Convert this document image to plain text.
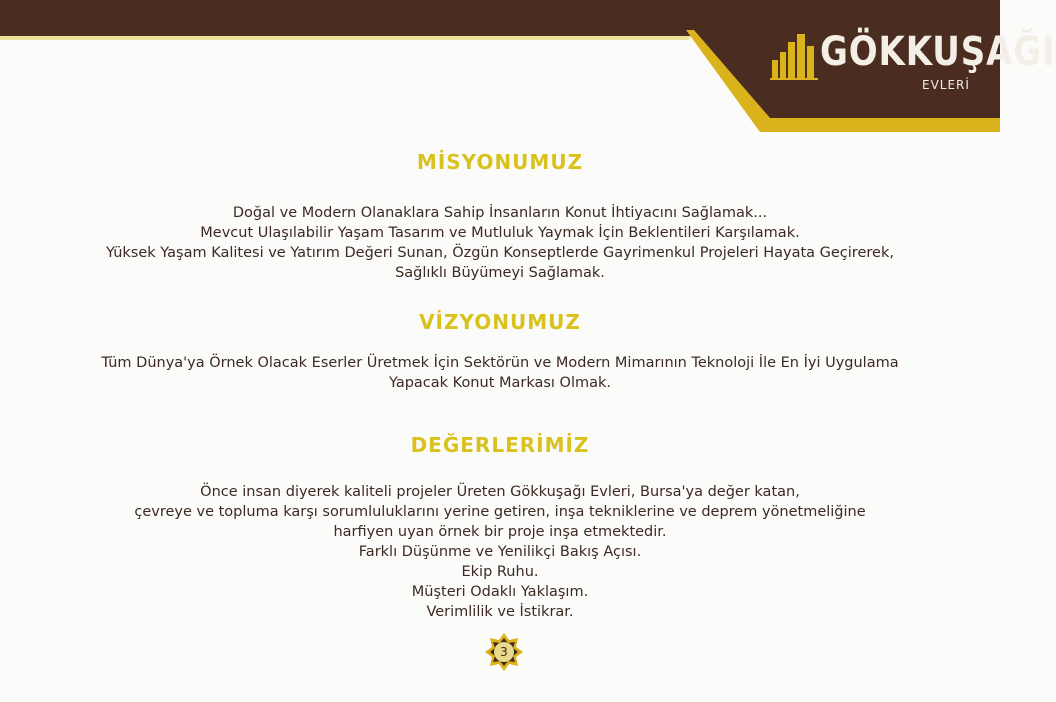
GÖKKUŞAĞI
EVLERİ
MİSYONUMUZ
Doğal ve Modern Olanaklara Sahip İnsanların Konut İhtiyacını Sağlamak...
Mevcut Ulaşılabilir Yaşam Tasarım ve Mutluluk Yaymak İçin Beklentileri Karşılamak.
Yüksek Yaşam Kalitesi ve Yatırım Değeri Sunan, Özgün Konseptlerde Gayrimenkul Projeleri Hayata Geçirerek,
Sağlıklı Büyümeyi Sağlamak.
VİZYONUMUZ
Tüm Dünya'ya Örnek Olacak Eserler Üretmek İçin Sektörün ve Modern Mimarının Teknoloji İle En İyi Uygulama
Yapacak Konut Markası Olmak.
DEĞERLERİMİZ
Önce insan diyerek kaliteli projeler Üreten Gökkuşağı Evleri, Bursa'ya değer katan,
çevreye ve topluma karşı sorumluluklarını yerine getiren, inşa tekniklerine ve deprem yönetmeliğine
harfiyen uyan örnek bir proje inşa etmektedir.
Farklı Düşünme ve Yenilikçi Bakış Açısı.
Ekip Ruhu.
Müşteri Odaklı Yaklaşım.
Verimlilik ve İstikrar.
3
